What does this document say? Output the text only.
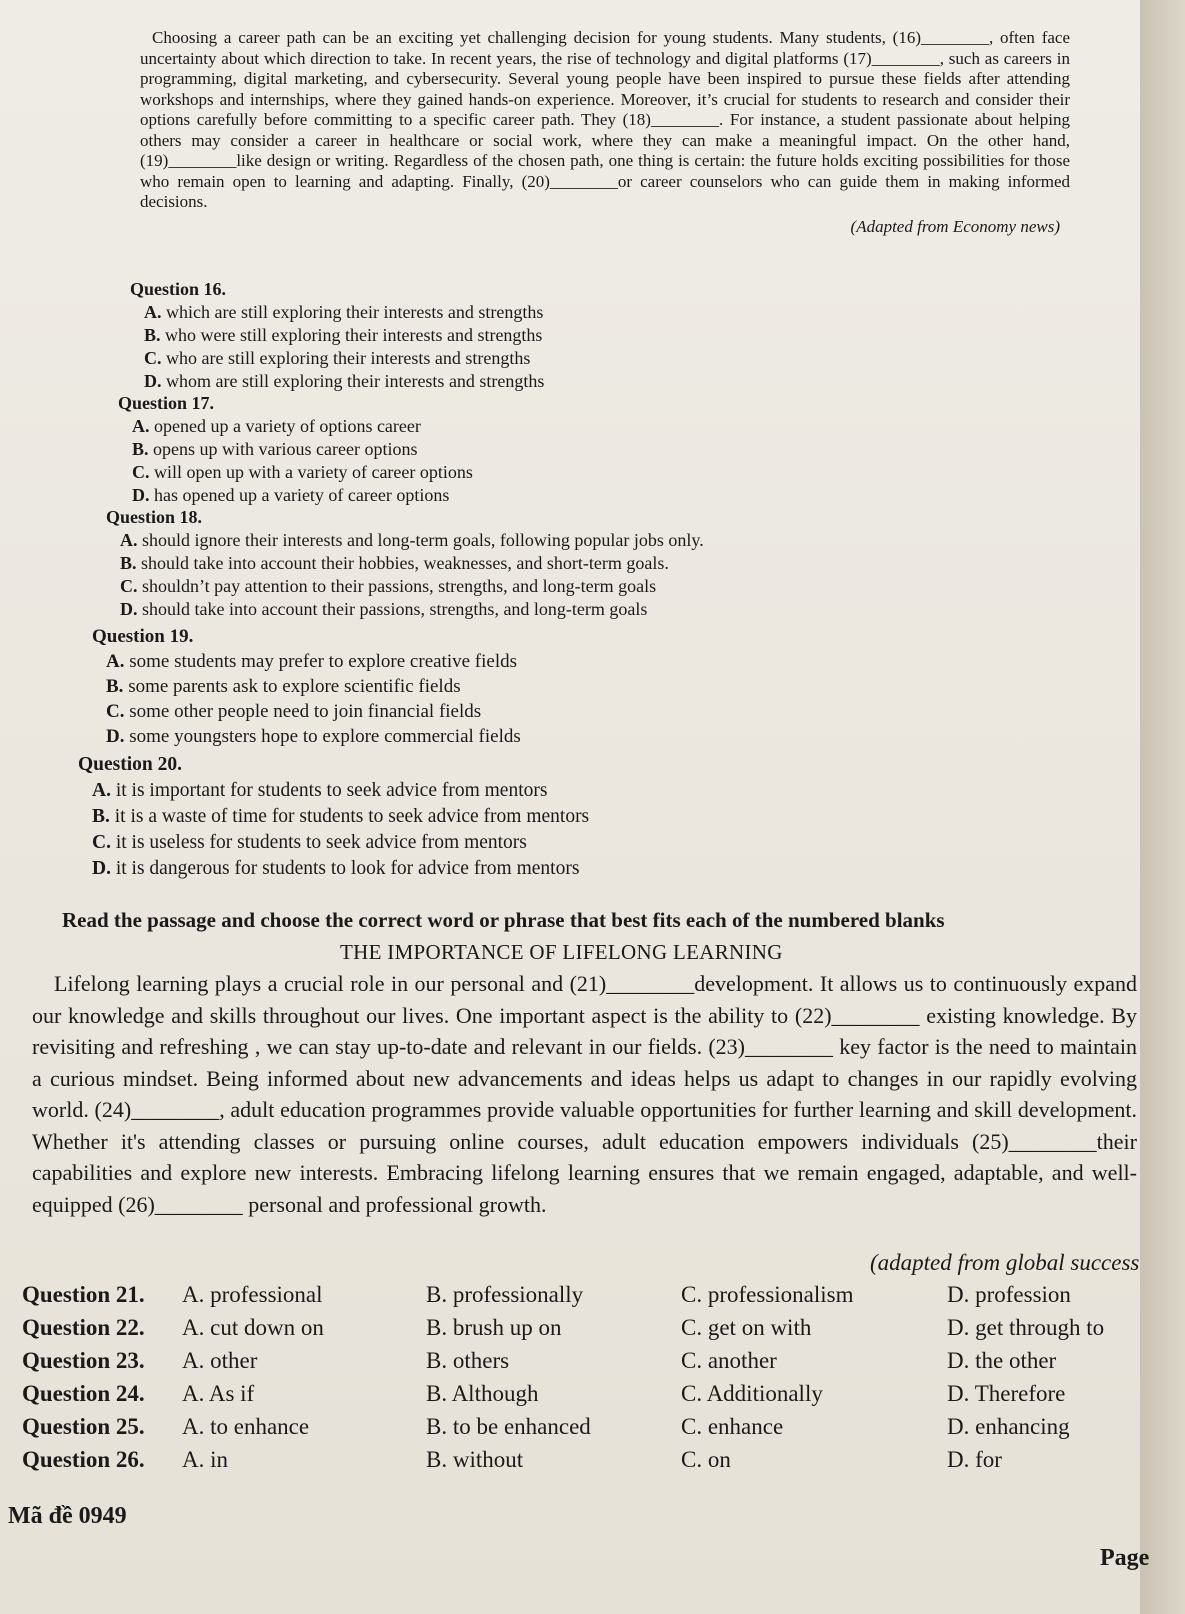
Choosing a career path can be an exciting yet challenging decision for young students. Many students, (16)________, often face uncertainty about which direction to take. In recent years, the rise of technology and digital platforms (17)________, such as careers in programming, digital marketing, and cybersecurity. Several young people have been inspired to pursue these fields after attending workshops and internships, where they gained hands-on experience. Moreover, it’s crucial for students to research and consider their options carefully before committing to a specific career path. They (18)________. For instance, a student passionate about helping others may consider a career in healthcare or social work, where they can make a meaningful impact. On the other hand, (19)________like design or writing. Regardless of the chosen path, one thing is certain: the future holds exciting possibilities for those who remain open to learning and adapting. Finally, (20)________or career counselors who can guide them in making informed decisions.

(Adapted from Economy news)
Question 16.
A. which are still exploring their interests and strengths
B. who were still exploring their interests and strengths
C. who are still exploring their interests and strengths
D. whom are still exploring their interests and strengths
Question 17.
A. opened up a variety of options career
B. opens up with various career options
C. will open up with a variety of career options
D. has opened up a variety of career options
Question 18.
A. should ignore their interests and long-term goals, following popular jobs only.
B. should take into account their hobbies, weaknesses, and short-term goals.
C. shouldn’t pay attention to their passions, strengths, and long-term goals
D. should take into account their passions, strengths, and long-term goals
Question 19.
A. some students may prefer to explore creative fields
B. some parents ask to explore scientific fields
C. some other people need to join financial fields
D. some youngsters hope to explore commercial fields
Question 20.
A. it is important for students to seek advice from mentors
B. it is a waste of time for students to seek advice from mentors
C. it is useless for students to seek advice from mentors
D. it is dangerous for students to look for advice from mentors
Read the passage and choose the correct word or phrase that best fits each of the numbered blanks
THE IMPORTANCE OF LIFELONG LEARNING

Lifelong learning plays a crucial role in our personal and (21)________development. It allows us to continuously expand our knowledge and skills throughout our lives. One important aspect is the ability to (22)________ existing knowledge. By revisiting and refreshing , we can stay up-to-date and relevant in our fields. (23)________ key factor is the need to maintain a curious mindset. Being informed about new advancements and ideas helps us adapt to changes in our rapidly evolving world. (24)________, adult education programmes provide valuable opportunities for further learning and skill development. Whether it's attending classes or pursuing online courses, adult education empowers individuals (25)________their capabilities and explore new interests. Embracing lifelong learning ensures that we remain engaged, adaptable, and well-equipped (26)________ personal and professional growth.

(adapted from global success
Question 21.	A. professional	B. professionally	C. professionalism	D. profession
Question 22.	A. cut down on	B. brush up on	C. get on with	D. get through to
Question 23.	A. other	B. others	C. another	D. the other
Question 24.	A. As if	B. Although	C. Additionally	D. Therefore
Question 25.	A. to enhance	B. to be enhanced	C. enhance	D. enhancing
Question 26.	A. in	B. without	C. on	D. for
Mã đề 0949
Page
